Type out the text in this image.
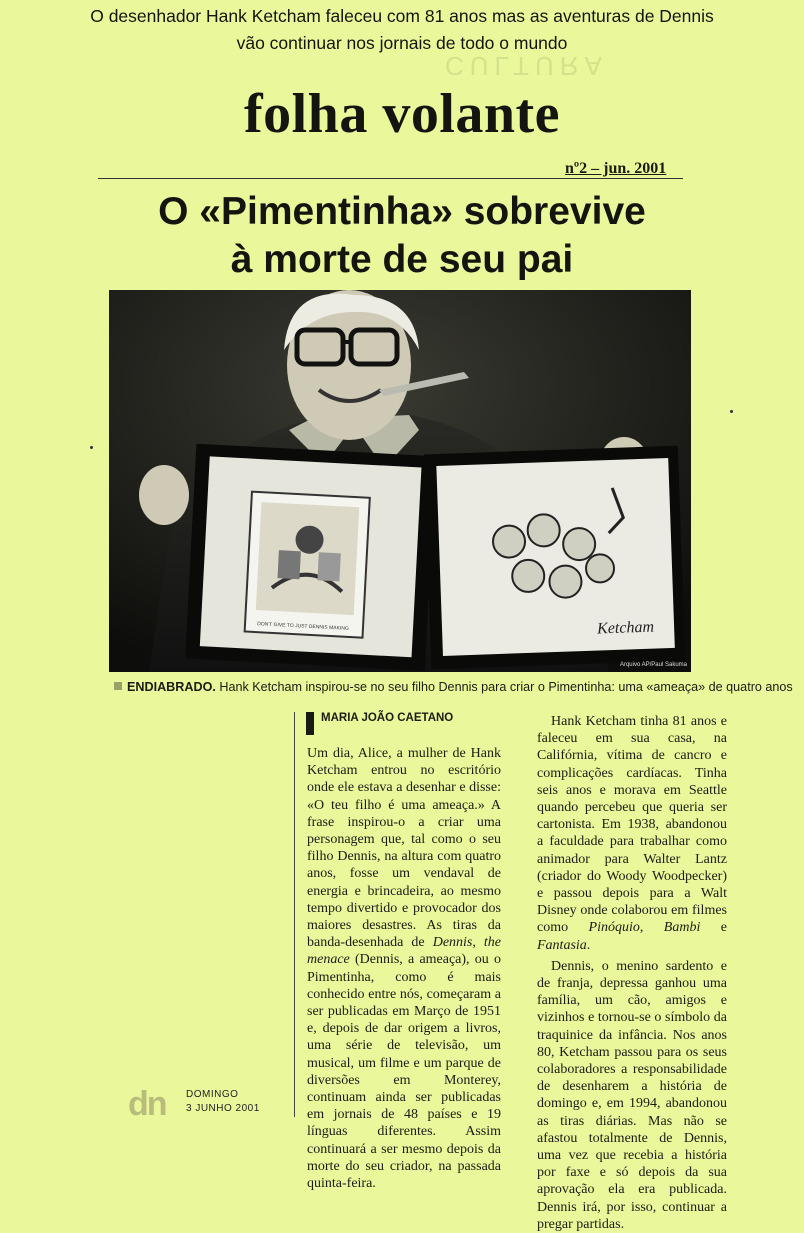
O desenhador Hank Ketcham faleceu com 81 anos mas as aventuras de Dennis
vão continuar nos jornais de todo o mundo
CULTURA
folha volante
nº2 – jun. 2001
O «Pimentinha» sobrevive
à morte de seu pai
DON'T GIVE TO JUST DENNIS MAKING	Ketcham
Arquivo AP/Paul Sakuma
ENDIABRADO. Hank Ketcham inspirou-se no seu filho Dennis para criar o Pimentinha: uma «ameaça» de quatro anos
MARIA JOÃO CAETANO

Um dia, Alice, a mulher de Hank Ketcham entrou no escritório onde ele estava a desenhar e disse: «O teu filho é uma ameaça.» A frase inspirou-o a criar uma personagem que, tal como o seu filho Dennis, na altura com quatro anos, fosse um vendaval de energia e brincadeira, ao mesmo tempo divertido e provocador dos maiores desastres. As tiras da banda-desenhada de Dennis, the menace (Dennis, a ameaça), ou o Pimentinha, como é mais conhecido entre nós, começaram a ser publicadas em Março de 1951 e, depois de dar origem a livros, uma série de televisão, um musical, um filme e um parque de diversões em Monterey, continuam ainda ser publicadas em jornais de 48 países e 19 línguas diferentes. Assim continuará a ser mesmo depois da morte do seu criador, na passada quinta-feira.

Hank Ketcham tinha 81 anos e faleceu em sua casa, na Califórnia, vítima de cancro e complicações cardíacas. Tinha seis anos e morava em Seattle quando percebeu que queria ser cartonista. Em 1938, abandonou a faculdade para trabalhar como animador para Walter Lantz (criador do Woody Woodpecker) e passou depois para a Walt Disney onde colaborou em filmes como Pinóquio, Bambi e Fantasia.

Dennis, o menino sardento e de franja, depressa ganhou uma família, um cão, amigos e vizinhos e tornou-se o símbolo da traquinice da infância. Nos anos 80, Ketcham passou para os seus colaboradores a responsabilidade de desenharem a história de domingo e, em 1994, abandonou as tiras diárias. Mas não se afastou totalmente de Dennis, uma vez que recebia a história por faxe e só depois da sua aprovação ela era publicada. Dennis irá, por isso, continuar a pregar partidas.

dn DOMINGO
3 JUNHO 2001
